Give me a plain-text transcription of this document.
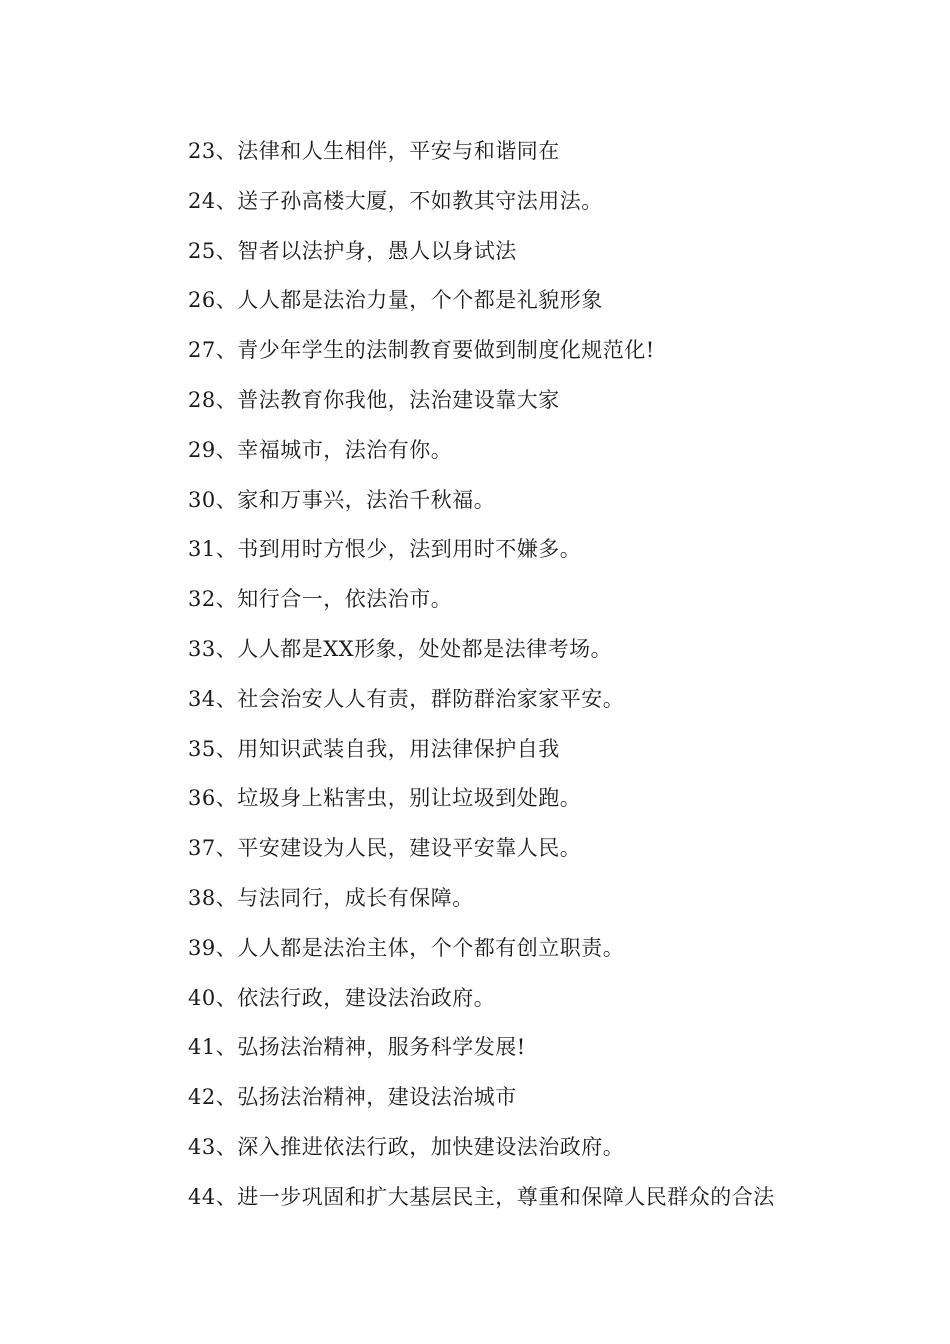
23、法律和人生相伴，平安与和谐同在
24、送子孙高楼大厦，不如教其守法用法。
25、智者以法护身，愚人以身试法
26、人人都是法治力量，个个都是礼貌形象
27、青少年学生的法制教育要做到制度化规范化!
28、普法教育你我他，法治建设靠大家
29、幸福城市，法治有你。
30、家和万事兴，法治千秋福。
31、书到用时方恨少，法到用时不嫌多。
32、知行合一，依法治市。
33、人人都是XX形象，处处都是法律考场。
34、社会治安人人有责，群防群治家家平安。
35、用知识武装自我，用法律保护自我
36、垃圾身上粘害虫，别让垃圾到处跑。
37、平安建设为人民，建设平安靠人民。
38、与法同行，成长有保障。
39、人人都是法治主体，个个都有创立职责。
40、依法行政，建设法治政府。
41、弘扬法治精神，服务科学发展!
42、弘扬法治精神，建设法治城市
43、深入推进依法行政，加快建设法治政府。
44、进一步巩固和扩大基层民主，尊重和保障人民群众的合法
